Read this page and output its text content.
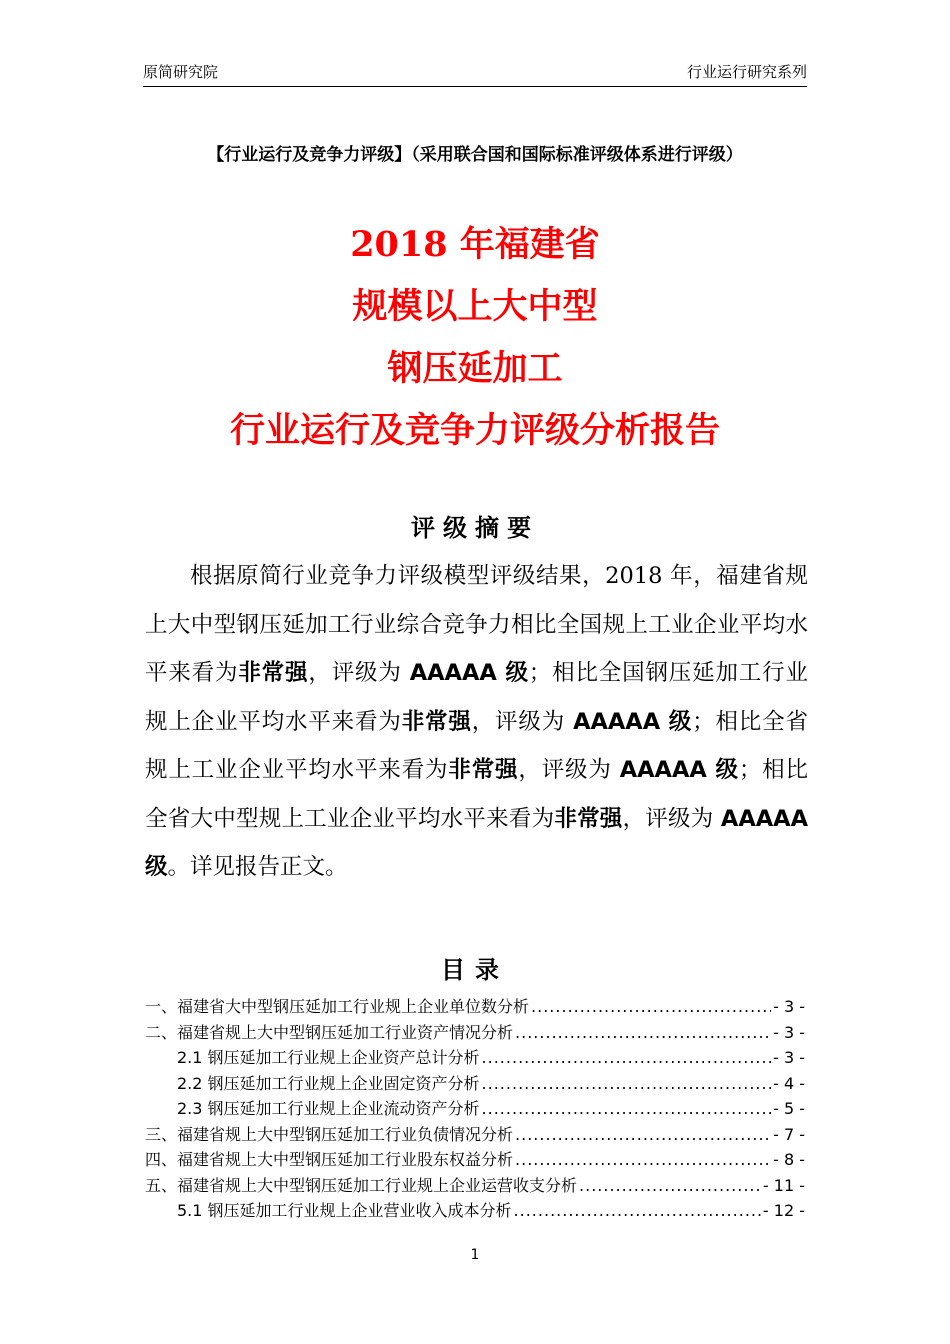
原简研究院	行业运行研究系列
【行业运行及竞争力评级】（采用联合国和国际标准评级体系进行评级）
2018 年福建省
规模以上大中型
钢压延加工
行业运行及竞争力评级分析报告
评级摘要
根据原简行业竞争力评级模型评级结果，2018 年，福建省规上大中型钢压延加工行业综合竞争力相比全国规上工业企业平均水平来看为非常强，评级为 AAAAA 级；相比全国钢压延加工行业规上企业平均水平来看为非常强，评级为 AAAAA 级；相比全省规上工业企业平均水平来看为非常强，评级为 AAAAA 级；相比全省大中型规上工业企业平均水平来看为非常强，评级为 AAAAA 级。详见报告正文。
目录
一、福建省大中型钢压延加工行业规上企业单位数分析 .....	- 3 -
二、福建省规上大中型钢压延加工行业资产情况分析 .....	- 3 -
2.1 钢压延加工行业规上企业资产总计分析 .....	- 3 -
2.2 钢压延加工行业规上企业固定资产分析 .....	- 4 -
2.3 钢压延加工行业规上企业流动资产分析 .....	- 5 -
三、福建省规上大中型钢压延加工行业负债情况分析 .....	- 7 -
四、福建省规上大中型钢压延加工行业股东权益分析 .....	- 8 -
五、福建省规上大中型钢压延加工行业规上企业运营收支分析 .....	- 11 -
5.1 钢压延加工行业规上企业营业收入成本分析 .....	- 12 -
1
